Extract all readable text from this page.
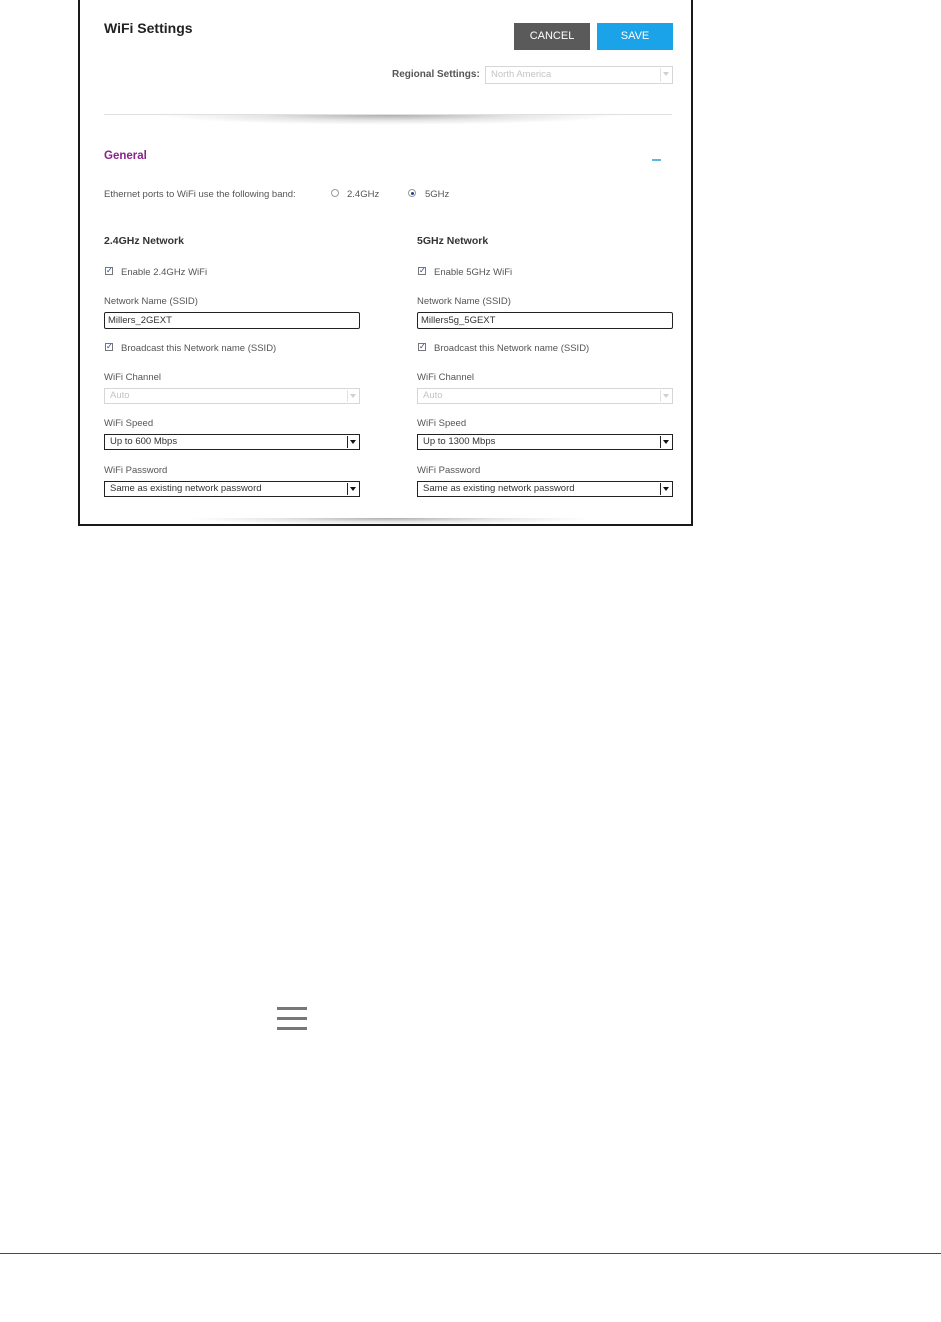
WiFi Settings	CANCEL	SAVE
Regional Settings:	North America
General
Ethernet ports to WiFi use the following band:	2.4GHz	5GHz
2.4GHz Network
✓ Enable 2.4GHz WiFi
Network Name (SSID)
Millers_2GEXT
✓ Broadcast this Network name (SSID)
WiFi Channel
Auto
WiFi Speed
Up to 600 Mbps
WiFi Password
Same as existing network password
5GHz Network
✓ Enable 5GHz WiFi
Network Name (SSID)
Millers5g_5GEXT
✓ Broadcast this Network name (SSID)
WiFi Channel
Auto
WiFi Speed
Up to 1300 Mbps
WiFi Password
Same as existing network password
